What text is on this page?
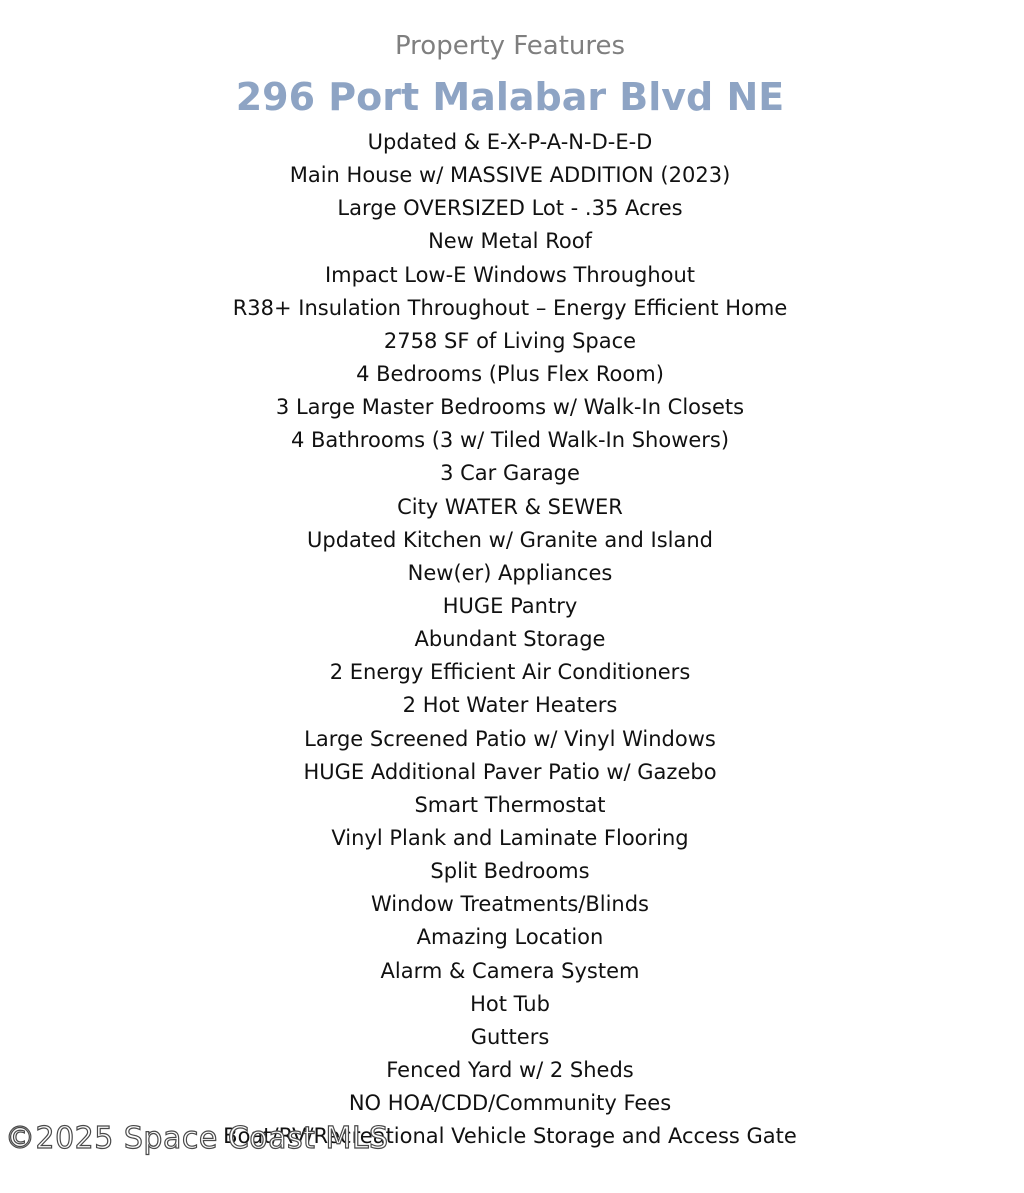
Property Features
296 Port Malabar Blvd NE
Updated & E-X-P-A-N-D-E-D
Main House w/ MASSIVE ADDITION (2023)
Large OVERSIZED Lot - .35 Acres
New Metal Roof
Impact Low-E Windows Throughout
R38+ Insulation Throughout – Energy Efficient Home
2758 SF of Living Space
4 Bedrooms (Plus Flex Room)
3 Large Master Bedrooms w/ Walk-In Closets
4 Bathrooms (3 w/ Tiled Walk-In Showers)
3 Car Garage
City WATER & SEWER
Updated Kitchen w/ Granite and Island
New(er) Appliances
HUGE Pantry
Abundant Storage
2 Energy Efficient Air Conditioners
2 Hot Water Heaters
Large Screened Patio w/ Vinyl Windows
HUGE Additional Paver Patio w/ Gazebo
Smart Thermostat
Vinyl Plank and Laminate Flooring
Split Bedrooms
Window Treatments/Blinds
Amazing Location
Alarm & Camera System
Hot Tub
Gutters
Fenced Yard w/ 2 Sheds
NO HOA/CDD/Community Fees
Boat/RV/Recreational Vehicle Storage and Access Gate
©2025 Space Coast MLS
